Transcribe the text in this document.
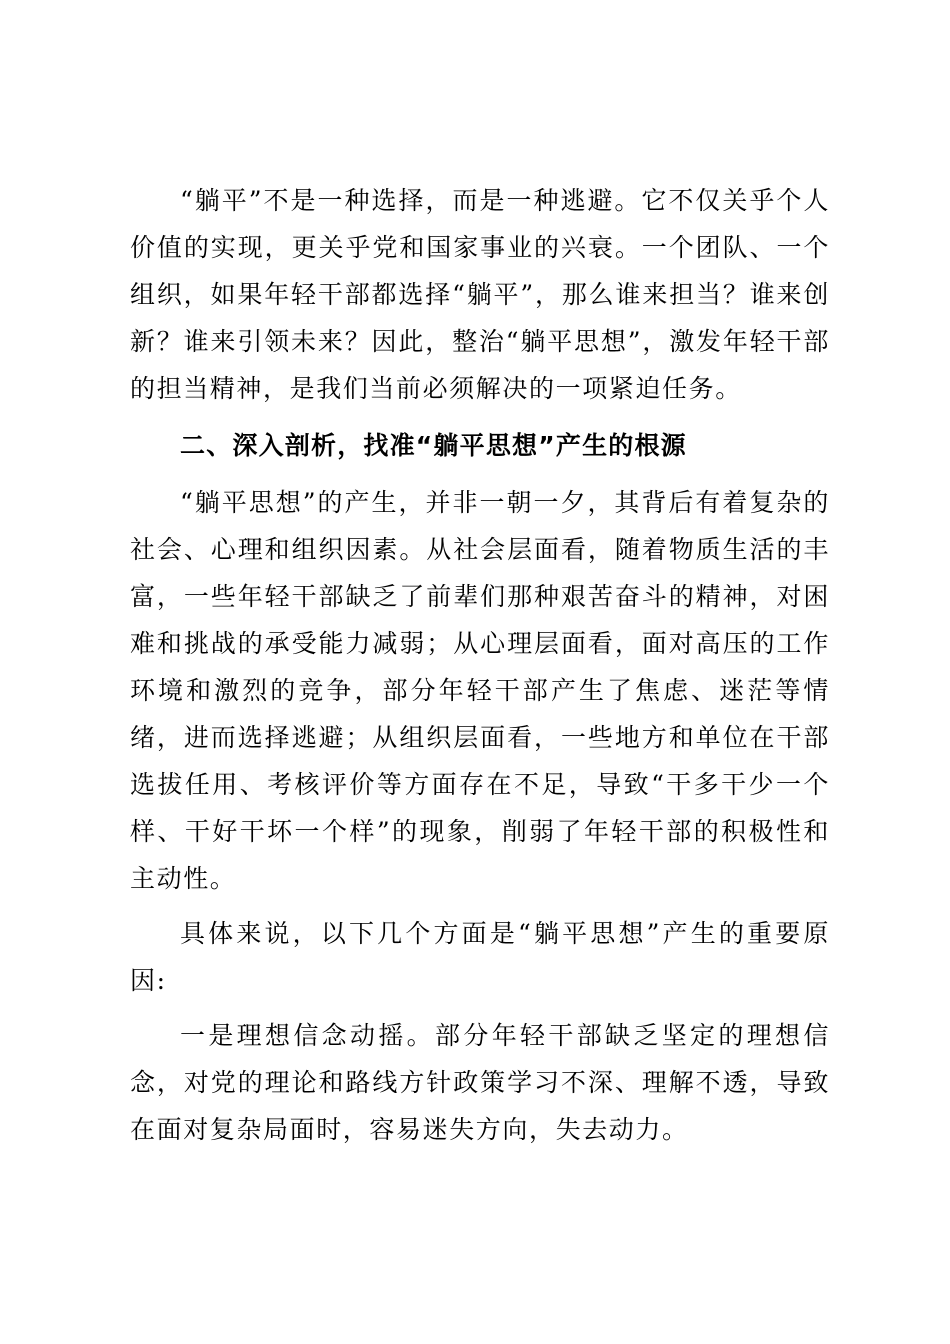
“躺平”不是一种选择，而是一种逃避。它不仅关乎个人价值的实现，更关乎党和国家事业的兴衰。一个团队、一个组织，如果年轻干部都选择“躺平”，那么谁来担当？谁来创新？谁来引领未来？因此，整治“躺平思想”，激发年轻干部的担当精神，是我们当前必须解决的一项紧迫任务。

二、深入剖析，找准“躺平思想”产生的根源

“躺平思想”的产生，并非一朝一夕，其背后有着复杂的社会、心理和组织因素。从社会层面看，随着物质生活的丰富，一些年轻干部缺乏了前辈们那种艰苦奋斗的精神，对困难和挑战的承受能力减弱；从心理层面看，面对高压的工作环境和激烈的竞争，部分年轻干部产生了焦虑、迷茫等情绪，进而选择逃避；从组织层面看，一些地方和单位在干部选拔任用、考核评价等方面存在不足，导致“干多干少一个样、干好干坏一个样”的现象，削弱了年轻干部的积极性和主动性。

具体来说，以下几个方面是“躺平思想”产生的重要原因:

一是理想信念动摇。部分年轻干部缺乏坚定的理想信念，对党的理论和路线方针政策学习不深、理解不透，导致在面对复杂局面时，容易迷失方向，失去动力。
